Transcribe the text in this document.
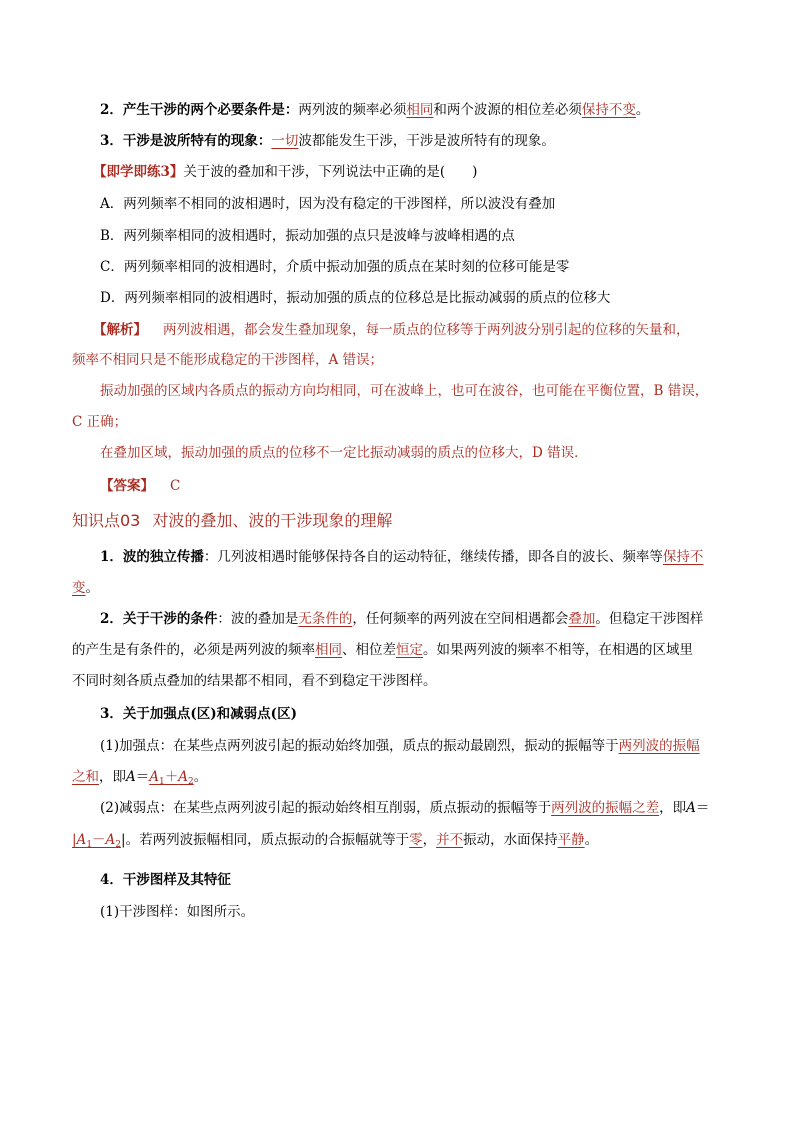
2．产生干涉的两个必要条件是：两列波的频率必须相同和两个波源的相位差必须保持不变。
3．干涉是波所特有的现象：一切波都能发生干涉，干涉是波所特有的现象。
【即学即练3】关于波的叠加和干涉，下列说法中正确的是(　　)
A．两列频率不相同的波相遇时，因为没有稳定的干涉图样，所以波没有叠加
B．两列频率相同的波相遇时，振动加强的点只是波峰与波峰相遇的点
C．两列频率相同的波相遇时，介质中振动加强的质点在某时刻的位移可能是零
D．两列频率相同的波相遇时，振动加强的质点的位移总是比振动减弱的质点的位移大
【解析】 两列波相遇，都会发生叠加现象，每一质点的位移等于两列波分别引起的位移的矢量和，
频率不相同只是不能形成稳定的干涉图样，A 错误；
振动加强的区域内各质点的振动方向均相同，可在波峰上，也可在波谷，也可能在平衡位置，B 错误，
C 正确；
在叠加区域，振动加强的质点的位移不一定比振动减弱的质点的位移大，D 错误．
【答案】 C
知识点03 对波的叠加、波的干涉现象的理解
1．波的独立传播：几列波相遇时能够保持各自的运动特征，继续传播，即各自的波长、频率等保持不
变。
2．关于干涉的条件：波的叠加是无条件的，任何频率的两列波在空间相遇都会叠加。但稳定干涉图样
的产生是有条件的，必须是两列波的频率相同、相位差恒定。如果两列波的频率不相等，在相遇的区域里
不同时刻各质点叠加的结果都不相同，看不到稳定干涉图样。
3．关于加强点(区)和减弱点(区)
(1)加强点：在某些点两列波引起的振动始终加强，质点的振动最剧烈，振动的振幅等于两列波的振幅
之和，即$A=A_1+A_2$。
(2)减弱点：在某些点两列波引起的振动始终相互削弱，质点振动的振幅等于两列波的振幅之差，即A＝
$|A_1-A_2|$。若两列波振幅相同，质点振动的合振幅就等于零，并不振动，水面保持平静。
4．干涉图样及其特征
(1)干涉图样：如图所示。
